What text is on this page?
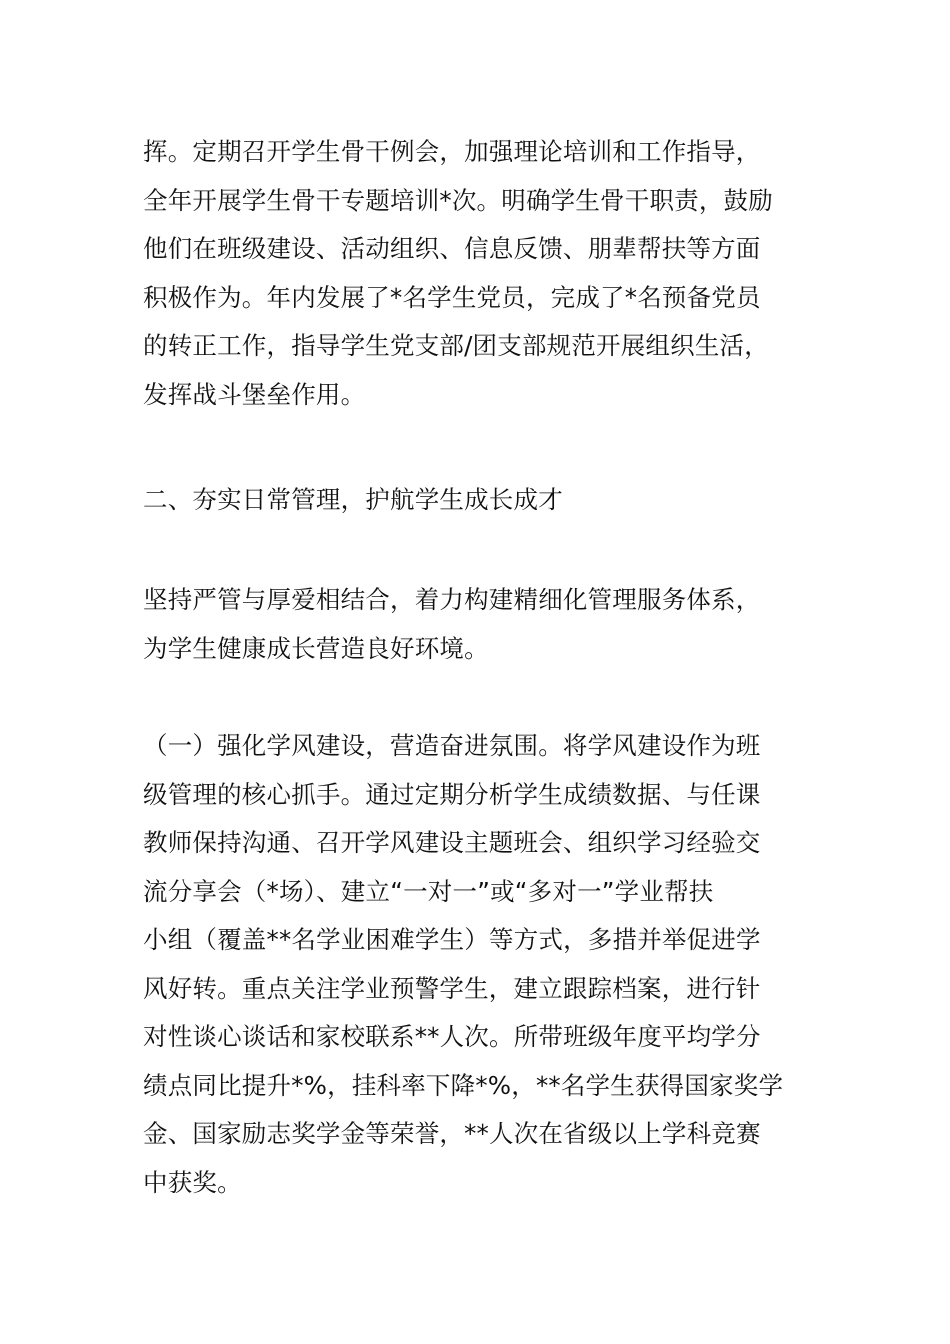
挥。定期召开学生骨干例会，加强理论培训和工作指导，
全年开展学生骨干专题培训*次。明确学生骨干职责，鼓励
他们在班级建设、活动组织、信息反馈、朋辈帮扶等方面
积极作为。年内发展了*名学生党员，完成了*名预备党员
的转正工作，指导学生党支部/团支部规范开展组织生活，
发挥战斗堡垒作用。
二、夯实日常管理，护航学生成长成才
坚持严管与厚爱相结合，着力构建精细化管理服务体系，
为学生健康成长营造良好环境。
（一）强化学风建设，营造奋进氛围。将学风建设作为班
级管理的核心抓手。通过定期分析学生成绩数据、与任课
教师保持沟通、召开学风建设主题班会、组织学习经验交
流分享会（*场）、建立“一对一”或“多对一”学业帮扶
小组（覆盖**名学业困难学生）等方式，多措并举促进学
风好转。重点关注学业预警学生，建立跟踪档案，进行针
对性谈心谈话和家校联系**人次。所带班级年度平均学分
绩点同比提升*%，挂科率下降*%，**名学生获得国家奖学
金、国家励志奖学金等荣誉，**人次在省级以上学科竞赛
中获奖。
